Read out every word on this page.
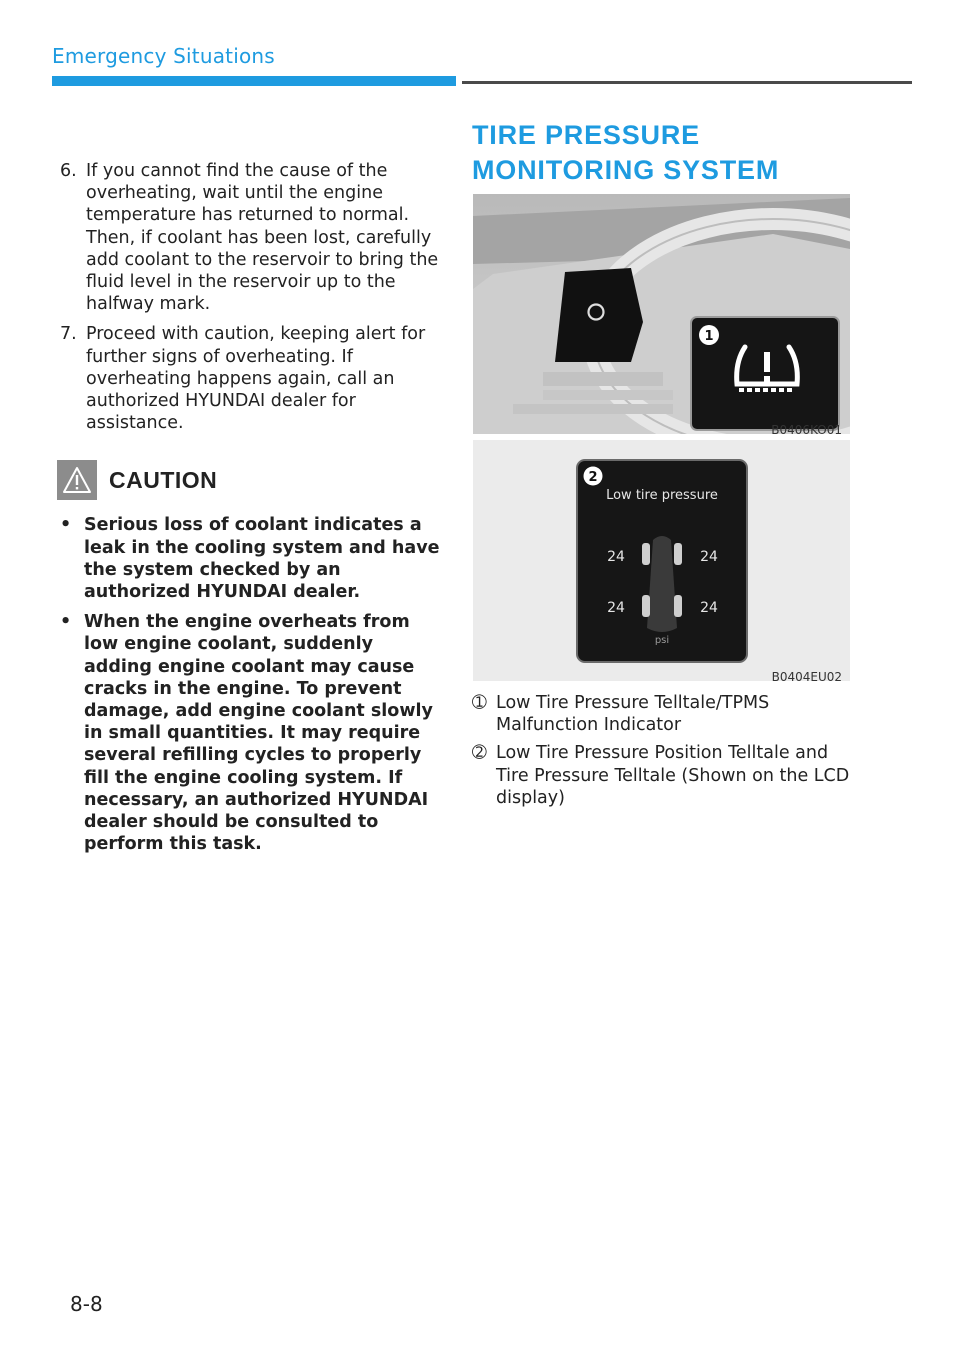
Emergency Situations
6. If you cannot find the cause of the overheating, wait until the engine temperature has returned to normal. Then, if coolant has been lost, carefully add coolant to the reservoir to bring the fluid level in the reservoir up to the halfway mark.
7. Proceed with caution, keeping alert for further signs of overheating. If overheating happens again, call an authorized HYUNDAI dealer for assistance.
CAUTION
• Serious loss of coolant indicates a leak in the cooling system and have the system checked by an authorized HYUNDAI dealer.
• When the engine overheats from low engine coolant, suddenly adding engine coolant may cause cracks in the engine. To prevent damage, add engine coolant slowly in small quantities. It may require several refilling cycles to properly fill the engine cooling system. If necessary, an authorized HYUNDAI dealer should be consulted to perform this task.
TIRE PRESSURE MONITORING SYSTEM
1
B0406KO01
2
Low tire pressure
24	24
24	24
psi
B0404EU02
➀ Low Tire Pressure Telltale/TPMS Malfunction Indicator
➁ Low Tire Pressure Position Telltale and Tire Pressure Telltale (Shown on the LCD display)
8-8
